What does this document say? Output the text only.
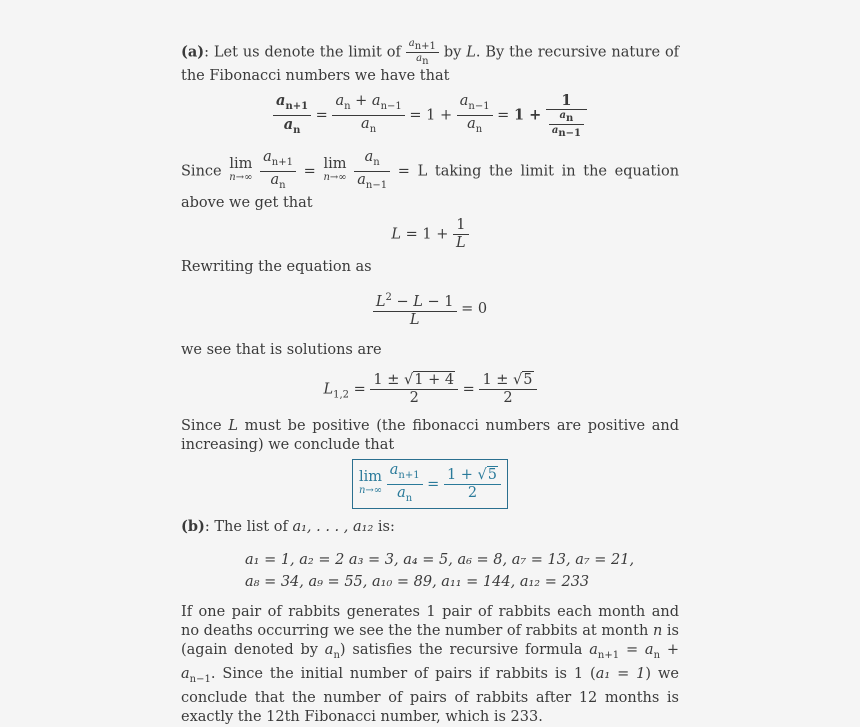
(a): Let us denote the limit of $\frac{a_{n+1}}{a_n}$ by L. By the recursive nature of the Fibonacci numbers we have that

$\frac{a_{n+1}}{a_n} = \frac{a_n + a_{n-1}}{a_n} = 1 + \frac{a_{n-1}}{a_n} = 1 + \frac{1}{\frac{a_n}{a_{n-1}}}$

Since lim
n→∞
$\frac{a_{n+1}}{a_n} = \lim$
n→∞
$\frac{a_n}{a_{n-1}} = L$ taking the limit in the equation above we get that

$L = 1 + \frac{1}{L}$

Rewriting the equation as

$\frac{L^2 - L - 1}{L} = 0$

we see that is solutions are

$L_{1,2} = \frac{1 \pm √1 + 4}{2} = \frac{1 \pm √5}{2}$

Since L must be positive (the fibonacci numbers are positive and increasing) we conclude that

lim
n→∞
$\frac{a_{n+1}}{a_n} = \frac{1 + √5}{2}$

(b): The list of a₁, . . . , a₁₂ is:

a₁ = 1, a₂ = 2 a₃ = 3, a₄ = 5, a₆ = 8, a₇ = 13, a₇ = 21,
a₈ = 34, a₉ = 55, a₁₀ = 89, a₁₁ = 144, a₁₂ = 233

If one pair of rabbits generates 1 pair of rabbits each month and no deaths occurring we see the the number of rabbits at month n is (again denoted by $a_n$) satisfies the recursive formula $a_{n+1} = a_n + a_{n-1}$. Since the initial number of pairs if rabbits is 1 (a₁ = 1) we conclude that the number of pairs of rabbits after 12 months is exactly the 12th Fibonacci number, which is 233.
